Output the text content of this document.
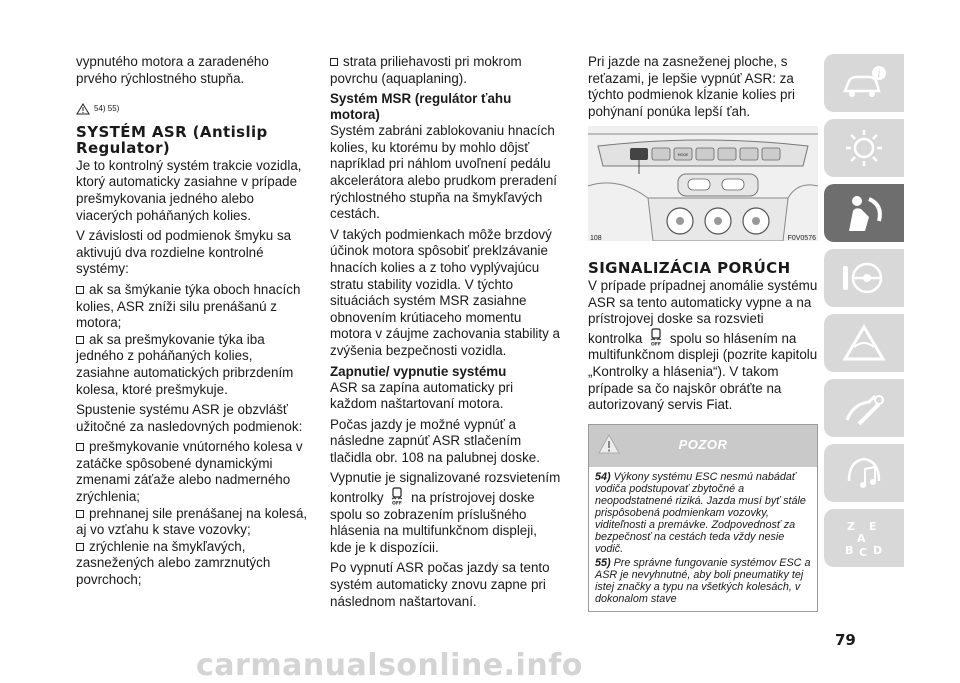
vypnutého motora a zaradeného prvého rýchlostného stupňa.

54) 55)
SYSTÉM ASR (Antislip Regulator)

Je to kontrolný systém trakcie vozidla, ktorý automaticky zasiahne v prípade prešmykovania jedného alebo viacerých poháňaných kolies.

V závislosti od podmienok šmyku sa aktivujú dva rozdielne kontrolné systémy:

ak sa šmýkanie týka oboch hnacích kolies, ASR zníži silu prenášanú z motora;
ak sa prešmykovanie týka iba jedného z poháňaných kolies, zasiahne automatických pribrzdením kolesa, ktoré prešmykuje.

Spustenie systému ASR je obzvlášť užitočné za nasledovných podmienok:

prešmykovanie vnútorného kolesa v zatáčke spôsobené dynamickými zmenami záťaže alebo nadmerného zrýchlenia;
prehnanej sile prenášanej na kolesá, aj vo vzťahu k stave vozovky;
zrýchlenie na šmykľavých, zasnežených alebo zamrznutých povrchoch;

strata priliehavosti pri mokrom povrchu (aquaplaning).

Systém MSR (regulátor ťahu motora)

Systém zabráni zablokovaniu hnacích kolies, ku ktorému by mohlo dôjsť napríklad pri náhlom uvoľnení pedálu akcelerátora alebo prudkom preradení rýchlostného stupňa na šmykľavých cestách.

V takých podmienkach môže brzdový účinok motora spôsobiť preklzávanie hnacích kolies a z toho vyplývajúcu stratu stability vozidla. V týchto situáciách systém MSR zasiahne obnovením krútiaceho momentu motora v záujme zachovania stability a zvýšenia bezpečnosti vozidla.

Zapnutie/ vypnutie systému

ASR sa zapína automaticky pri každom naštartovaní motora.

Počas jazdy je možné vypnúť a následne zapnúť ASR stlačením tlačidla obr. 108 na palubnej doske.

Vypnutie je signalizované rozsvietením kontrolky OFF na prístrojovej doske spolu so zobrazením príslušného hlásenia na multifunkčnom displeji, kde je k dispozícii.

Po vypnutí ASR počas jazdy sa tento systém automaticky znovu zapne pri následnom naštartovaní.

Pri jazde na zasneženej ploche, s reťazami, je lepšie vypnúť ASR: za týchto podmienok kĺzanie kolies pri pohýnaní ponúka lepší ťah.

MODE
108	F0V0576
SIGNALIZÁCIA PORÚCH

V prípade prípadnej anomálie systému ASR sa tento automaticky vypne a na prístrojovej doske sa rozsvieti kontrolka OFF spolu so hlásením na multifunkčnom displeji (pozrite kapitolu „Kontrolky a hlásenia“). V takom prípade sa čo najskôr obráťte na autorizovaný servis Fiat.

POZOR

54) Výkony systému ESC nesmú nabádať vodiča podstupovať zbytočné a neopodstatnené riziká. Jazda musí byť stále prispôsobená podmienkam vozovky, viditeľnosti a premávke. Zodpovednosť za bezpečnosť na cestách teda vždy nesie vodič.

55) Pre správne fungovanie systémov ESC a ASR je nevyhnutné, aby boli pneumatiky tej istej značky a typu na všetkých kolesách, v dokonalom stave

i
Z E
A
B C D
79
carmanualsonline.info
